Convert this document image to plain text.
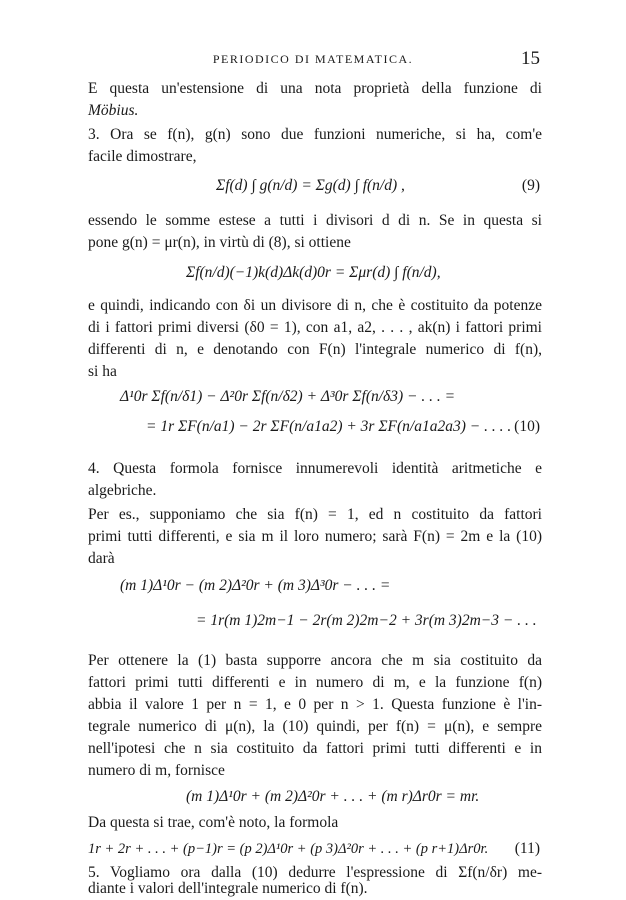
PERIODICO DI MATEMATICA.	15
E questa un'estensione di una nota proprietà della funzione di
Möbius.
3. Ora se f(n), g(n) sono due funzioni numeriche, si ha, com'e
facile dimostrare,
Σf(d) ∫ g(n/d) = Σg(d) ∫ f(n/d) ,	(9)
essendo le somme estese a tutti i divisori d di n. Se in questa si
pone g(n) = μr(n), in virtù di (8), si ottiene
Σf(n/d)(−1)k(d)Δk(d)0r = Σμr(d) ∫ f(n/d),
e quindi, indicando con δi un divisore di n, che è costituito da potenze
di i fattori primi diversi (δ0 = 1), con a1, a2, . . . , ak(n) i fattori primi
differenti di n, e denotando con F(n) l'integrale numerico di f(n),
si ha
Δ¹0r Σf(n/δ1) − Δ²0r Σf(n/δ2) + Δ³0r Σf(n/δ3) − . . . =
= 1r ΣF(n/a1) − 2r ΣF(n/a1a2) + 3r ΣF(n/a1a2a3) − . . . . (10)
4. Questa formola fornisce innumerevoli identità aritmetiche e
algebriche.
Per es., supponiamo che sia f(n) = 1, ed n costituito da fattori
primi tutti differenti, e sia m il loro numero; sarà F(n) = 2m e la (10)
darà
(m 1)Δ¹0r − (m 2)Δ²0r + (m 3)Δ³0r − . . . =
= 1r(m 1)2m−1 − 2r(m 2)2m−2 + 3r(m 3)2m−3 − . . .
Per ottenere la (1) basta supporre ancora che m sia costituito da
fattori primi tutti differenti e in numero di m, e la funzione f(n)
abbia il valore 1 per n = 1, e 0 per n > 1. Questa funzione è l'in-
tegrale numerico di μ(n), la (10) quindi, per f(n) = μ(n), e sempre
nell'ipotesi che n sia costituito da fattori primi tutti differenti e in
numero di m, fornisce
(m 1)Δ¹0r + (m 2)Δ²0r + . . . + (m r)Δr0r = mr.
Da questa si trae, com'è noto, la formola
1r + 2r + . . . + (p−1)r = (p 2)Δ¹0r + (p 3)Δ²0r + . . . + (p r+1)Δr0r. (11)
5. Vogliamo ora dalla (10) dedurre l'espressione di Σf(n/δr) me-
diante i valori dell'integrale numerico di f(n).
